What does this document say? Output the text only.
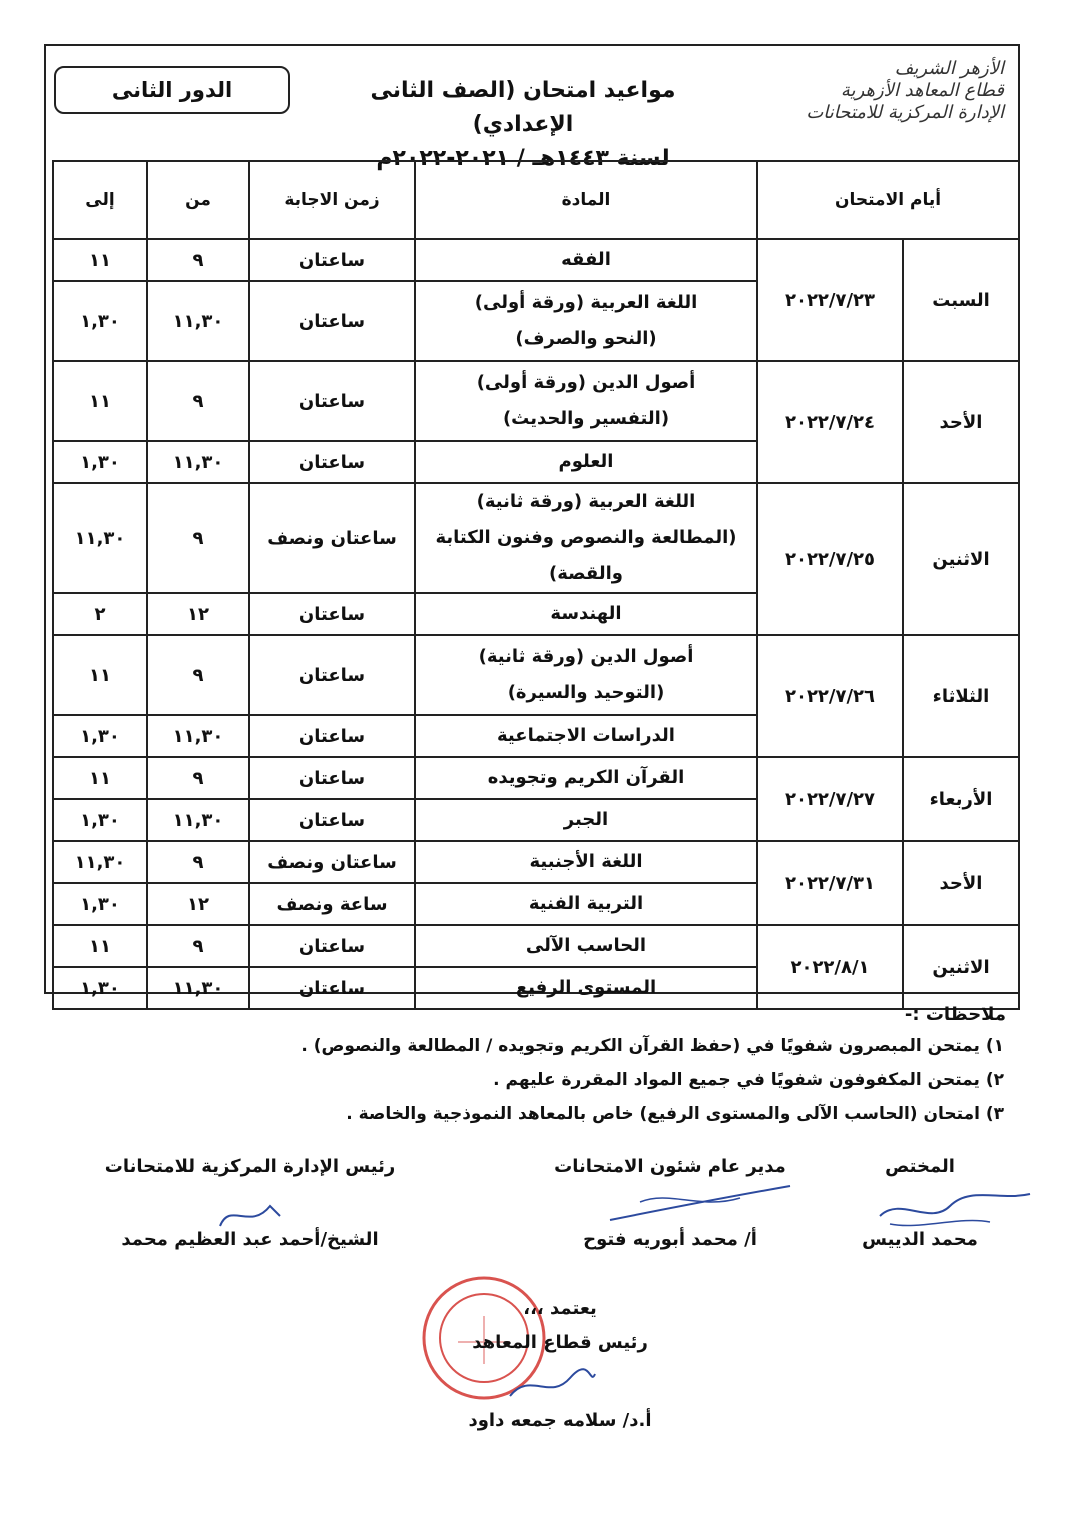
الأزهر الشريف
قطاع المعاهد الأزهرية
الإدارة المركزية للامتحانات
مواعيد امتحان (الصف الثانى الإعدادي)
لسنة ١٤٤٣هـ / ٢٠٢١-٢٠٢٢م
الدور الثانى
أيام الامتحان		المادة	زمن الاجابة	من	إلى
السبت	٢٠٢٢/٧/٢٣	الفقه	ساعتان	٩	١١

		اللغة العربية (ورقة أولى)
(النحو والصرف)	ساعتان	١١,٣٠	١,٣٠
الأحد	٢٠٢٢/٧/٢٤	أصول الدين (ورقة أولى)
(التفسير والحديث)	ساعتان	٩	١١

		العلوم	ساعتان	١١,٣٠	١,٣٠
الاثنين	٢٠٢٢/٧/٢٥	اللغة العربية (ورقة ثانية)
(المطالعة والنصوص وفنون الكتابة والقصة)	ساعتان ونصف	٩	١١,٣٠

		الهندسة	ساعتان	١٢	٢
الثلاثاء	٢٠٢٢/٧/٢٦	أصول الدين (ورقة ثانية)
(التوحيد والسيرة)	ساعتان	٩	١١

		الدراسات الاجتماعية	ساعتان	١١,٣٠	١,٣٠
الأربعاء	٢٠٢٢/٧/٢٧	القرآن الكريم وتجويده	ساعتان	٩	١١

		الجبر	ساعتان	١١,٣٠	١,٣٠
الأحد	٢٠٢٢/٧/٣١	اللغة الأجنبية	ساعتان ونصف	٩	١١,٣٠

		التربية الفنية	ساعة ونصف	١٢	١,٣٠
الاثنين	٢٠٢٢/٨/١	الحاسب الآلى	ساعتان	٩	١١

		المستوى الرفيع	ساعتان	١١,٣٠	١,٣٠
ملاحظات :-
١) يمتحن المبصرون شفويًا في (حفظ القرآن الكريم وتجويده / المطالعة والنصوص) .
٢) يمتحن المكفوفون شفويًا في جميع المواد المقررة عليهم .
٣) امتحان (الحاسب الآلى والمستوى الرفيع) خاص بالمعاهد النموذجية والخاصة .
المختص
محمد الدييس
مدير عام شئون الامتحانات
أ/ محمد أبوريه فتوح
رئيس الإدارة المركزية للامتحانات
الشيخ/أحمد عبد العظيم محمد
يعتمد ،،،
رئيس قطاع المعاهد
أ.د/ سلامه جمعه داود
